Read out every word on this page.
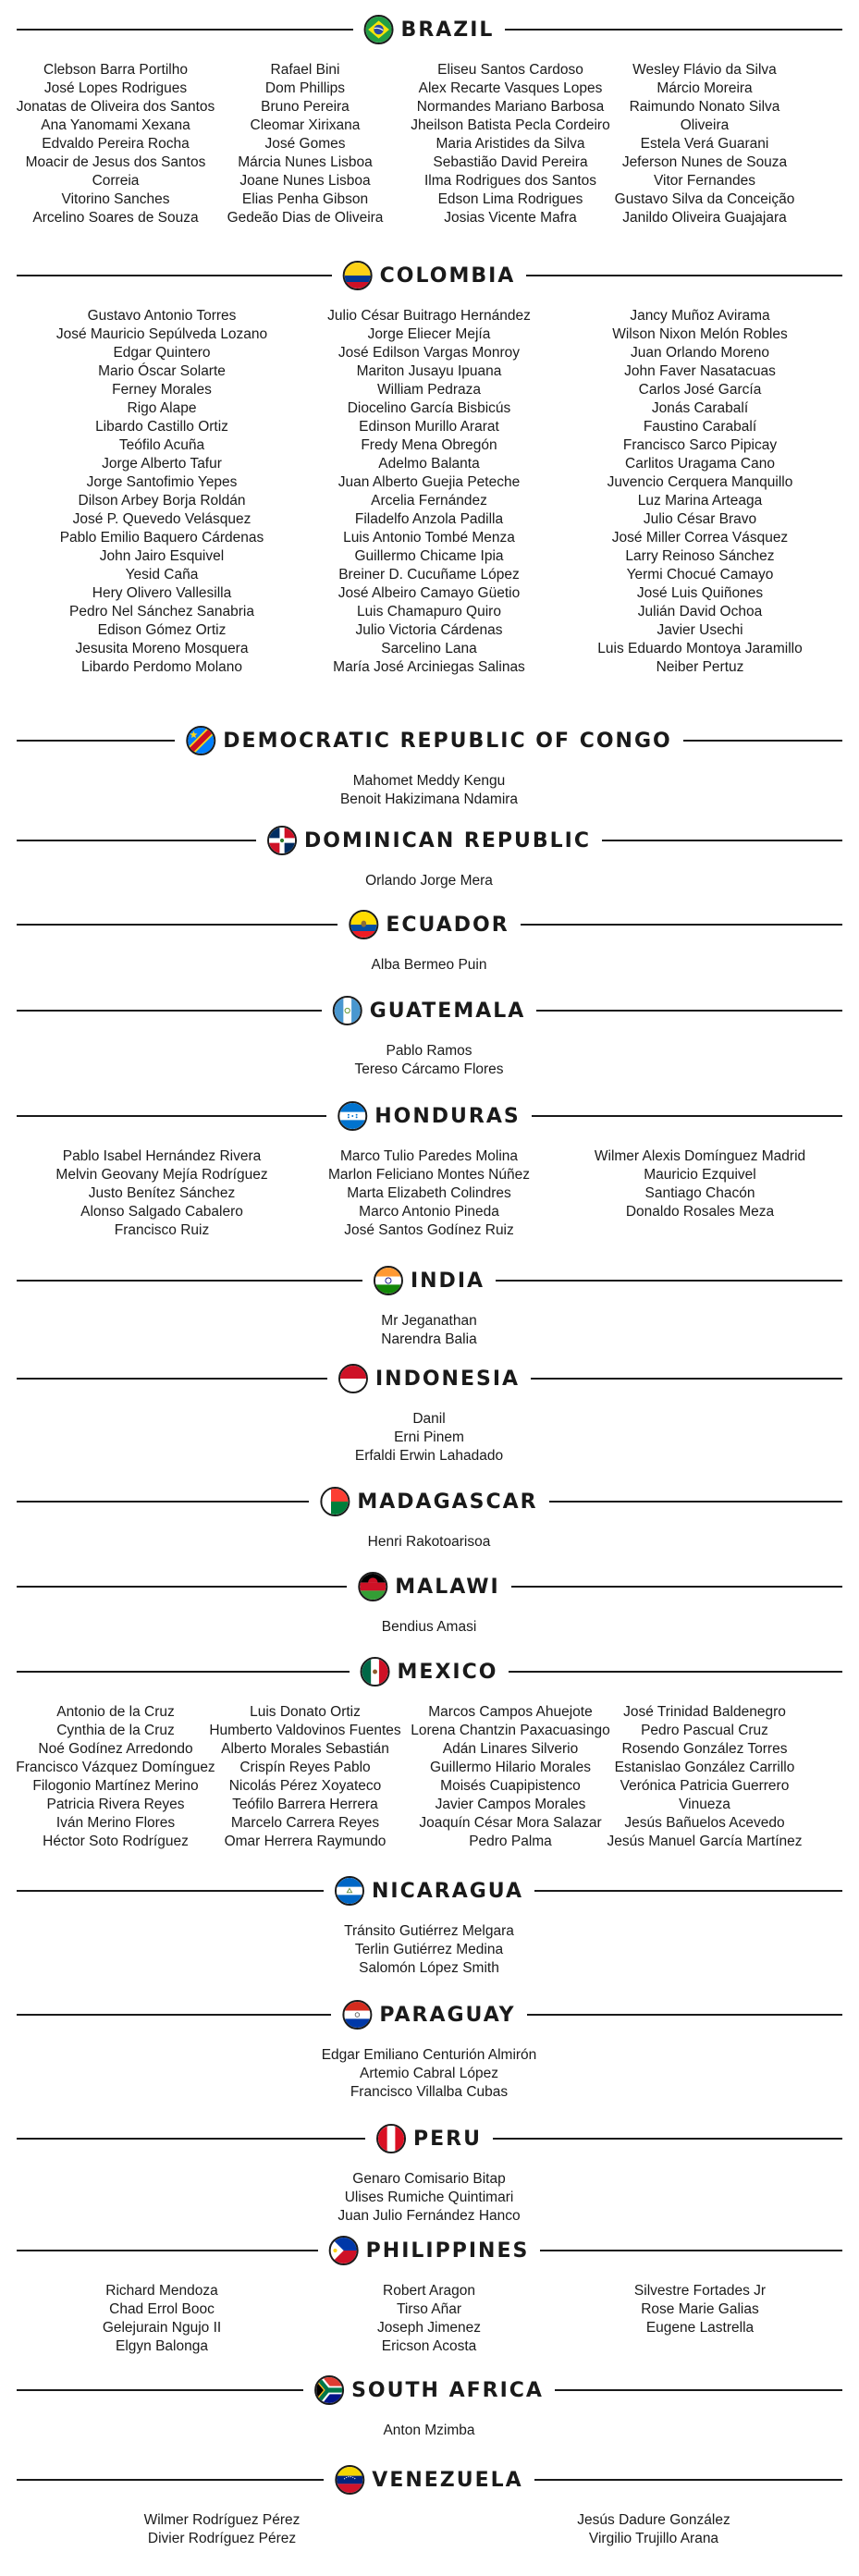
BRAZIL
Clebson Barra Portilho
José Lopes Rodrigues
Jonatas de Oliveira dos Santos
Ana Yanomami Xexana
Edvaldo Pereira Rocha
Moacir de Jesus dos Santos
Correia
Vitorino Sanches
Arcelino Soares de Souza
Rafael Bini
Dom Phillips
Bruno Pereira
Cleomar Xirixana
José Gomes
Márcia Nunes Lisboa
Joane Nunes Lisboa
Elias Penha Gibson
Gedeão Dias de Oliveira
Eliseu Santos Cardoso
Alex Recarte Vasques Lopes
Normandes Mariano Barbosa
Jheilson Batista Pecla Cordeiro
Maria Aristides da Silva
Sebastião David Pereira
Ilma Rodrigues dos Santos
Edson Lima Rodrigues
Josias Vicente Mafra
Wesley Flávio da Silva
Márcio Moreira
Raimundo Nonato Silva
Oliveira
Estela Verá Guarani
Jeferson Nunes de Souza
Vitor Fernandes
Gustavo Silva da Conceição
Janildo Oliveira Guajajara
COLOMBIA
Gustavo Antonio Torres
José Mauricio Sepúlveda Lozano
Edgar Quintero
Mario Óscar Solarte
Ferney Morales
Rigo Alape
Libardo Castillo Ortiz
Teófilo Acuña
Jorge Alberto Tafur
Jorge Santofimio Yepes
Dilson Arbey Borja Roldán
José P. Quevedo Velásquez
Pablo Emilio Baquero Cárdenas
John Jairo Esquivel
Yesid Caña
Hery Olivero Vallesilla
Pedro Nel Sánchez Sanabria
Edison Gómez Ortiz
Jesusita Moreno Mosquera
Libardo Perdomo Molano
Julio César Buitrago Hernández
Jorge Eliecer Mejía
José Edilson Vargas Monroy
Mariton Jusayu Ipuana
William Pedraza
Diocelino García Bisbicús
Edinson Murillo Ararat
Fredy Mena Obregón
Adelmo Balanta
Juan Alberto Guejia Peteche
Arcelia Fernández
Filadelfo Anzola Padilla
Luis Antonio Tombé Menza
Guillermo Chicame Ipia
Breiner D. Cucuñame López
José Albeiro Camayo Güetio
Luis Chamapuro Quiro
Julio Victoria Cárdenas
Sarcelino Lana
María José Arciniegas Salinas
Jancy Muñoz Avirama
Wilson Nixon Melón Robles
Juan Orlando Moreno
John Faver Nasatacuas
Carlos José García
Jonás Carabalí
Faustino Carabalí
Francisco Sarco Pipicay
Carlitos Uragama Cano
Juvencio Cerquera Manquillo
Luz Marina Arteaga
Julio César Bravo
José Miller Correa Vásquez
Larry Reinoso Sánchez
Yermi Chocué Camayo
José Luis Quiñones
Julián David Ochoa
Javier Usechi
Luis Eduardo Montoya Jaramillo
Neiber Pertuz
DEMOCRATIC REPUBLIC OF CONGO
Mahomet Meddy Kengu
Benoit Hakizimana Ndamira
DOMINICAN REPUBLIC
Orlando Jorge Mera
ECUADOR
Alba Bermeo Puin
GUATEMALA
Pablo Ramos
Tereso Cárcamo Flores
HONDURAS
Pablo Isabel Hernández Rivera
Melvin Geovany Mejía Rodríguez
Justo Benítez Sánchez
Alonso Salgado Cabalero
Francisco Ruiz
Marco Tulio Paredes Molina
Marlon Feliciano Montes Núñez
Marta Elizabeth Colindres
Marco Antonio Pineda
José Santos Godínez Ruiz
Wilmer Alexis Domínguez Madrid
Mauricio Ezquivel
Santiago Chacón
Donaldo Rosales Meza
INDIA
Mr Jeganathan
Narendra Balia
INDONESIA
Danil
Erni Pinem
Erfaldi Erwin Lahadado
MADAGASCAR
Henri Rakotoarisoa
MALAWI
Bendius Amasi
MEXICO
Antonio de la Cruz
Cynthia de la Cruz
Noé Godínez Arredondo
Francisco Vázquez Domínguez
Filogonio Martínez Merino
Patricia Rivera Reyes
Iván Merino Flores
Héctor Soto Rodríguez
Luis Donato Ortiz
Humberto Valdovinos Fuentes
Alberto Morales Sebastián
Crispín Reyes Pablo
Nicolás Pérez Xoyateco
Teófilo Barrera Herrera
Marcelo Carrera Reyes
Omar Herrera Raymundo
Marcos Campos Ahuejote
Lorena Chantzin Paxacuasingo
Adán Linares Silverio
Guillermo Hilario Morales
Moisés Cuapipistenco
Javier Campos Morales
Joaquín César Mora Salazar
Pedro Palma
José Trinidad Baldenegro
Pedro Pascual Cruz
Rosendo González Torres
Estanislao González Carrillo
Verónica Patricia Guerrero
Vinueza
Jesús Bañuelos Acevedo
Jesús Manuel García Martínez
NICARAGUA
Tránsito Gutiérrez Melgara
Terlin Gutiérrez Medina
Salomón López Smith
PARAGUAY
Edgar Emiliano Centurión Almirón
Artemio Cabral López
Francisco Villalba Cubas
PERU
Genaro Comisario Bitap
Ulises Rumiche Quintimari
Juan Julio Fernández Hanco
PHILIPPINES
Richard Mendoza
Chad Errol Booc
Gelejurain Ngujo II
Elgyn Balonga
Robert Aragon
Tirso Añar
Joseph Jimenez
Ericson Acosta
Silvestre Fortades Jr
Rose Marie Galias
Eugene Lastrella
SOUTH AFRICA
Anton Mzimba
VENEZUELA
Wilmer Rodríguez Pérez
Divier Rodríguez Pérez
Jesús Dadure González
Virgilio Trujillo Arana
